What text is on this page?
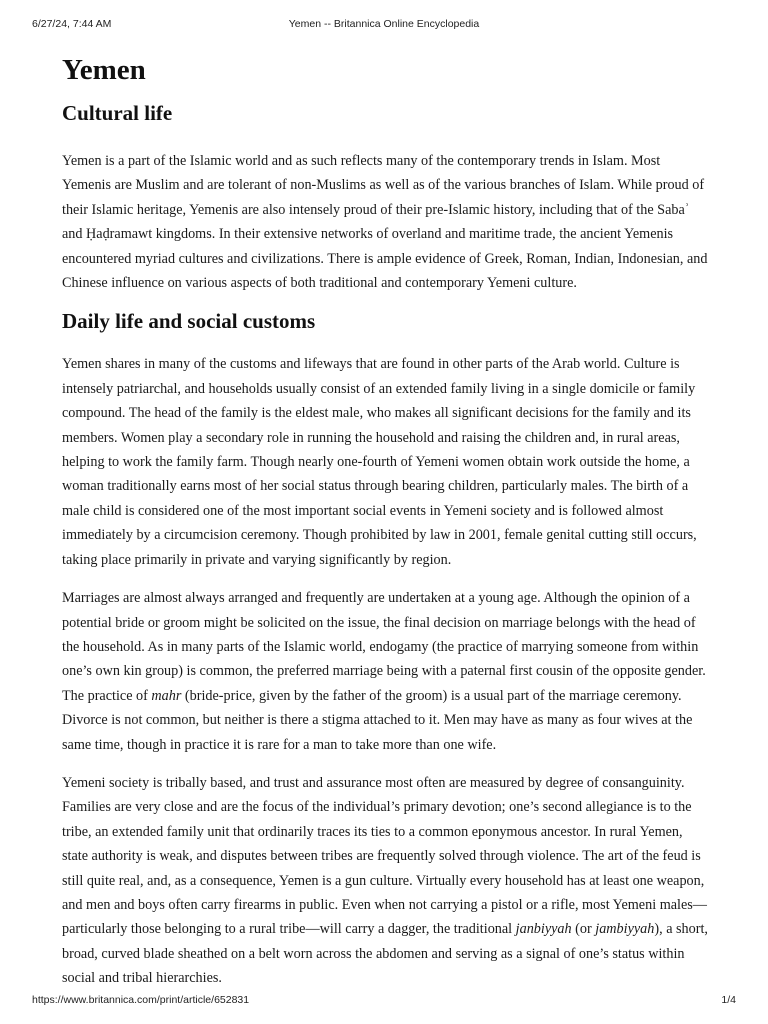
6/27/24, 7:44 AM	Yemen -- Britannica Online Encyclopedia
Yemen
Cultural life

Yemen is a part of the Islamic world and as such reflects many of the contemporary trends in Islam. Most Yemenis are Muslim and are tolerant of non-Muslims as well as of the various branches of Islam. While proud of their Islamic heritage, Yemenis are also intensely proud of their pre-Islamic history, including that of the Sabaʾ and Ḥaḍramawt kingdoms. In their extensive networks of overland and maritime trade, the ancient Yemenis encountered myriad cultures and civilizations. There is ample evidence of Greek, Roman, Indian, Indonesian, and Chinese influence on various aspects of both traditional and contemporary Yemeni culture.

Daily life and social customs

Yemen shares in many of the customs and lifeways that are found in other parts of the Arab world. Culture is intensely patriarchal, and households usually consist of an extended family living in a single domicile or family compound. The head of the family is the eldest male, who makes all significant decisions for the family and its members. Women play a secondary role in running the household and raising the children and, in rural areas, helping to work the family farm. Though nearly one-fourth of Yemeni women obtain work outside the home, a woman traditionally earns most of her social status through bearing children, particularly males. The birth of a male child is considered one of the most important social events in Yemeni society and is followed almost immediately by a circumcision ceremony. Though prohibited by law in 2001, female genital cutting still occurs, taking place primarily in private and varying significantly by region.

Marriages are almost always arranged and frequently are undertaken at a young age. Although the opinion of a potential bride or groom might be solicited on the issue, the final decision on marriage belongs with the head of the household. As in many parts of the Islamic world, endogamy (the practice of marrying someone from within one’s own kin group) is common, the preferred marriage being with a paternal first cousin of the opposite gender. The practice of mahr (bride-price, given by the father of the groom) is a usual part of the marriage ceremony. Divorce is not common, but neither is there a stigma attached to it. Men may have as many as four wives at the same time, though in practice it is rare for a man to take more than one wife.

Yemeni society is tribally based, and trust and assurance most often are measured by degree of consanguinity. Families are very close and are the focus of the individual’s primary devotion; one’s second allegiance is to the tribe, an extended family unit that ordinarily traces its ties to a common eponymous ancestor. In rural Yemen, state authority is weak, and disputes between tribes are frequently solved through violence. The art of the feud is still quite real, and, as a consequence, Yemen is a gun culture. Virtually every household has at least one weapon, and men and boys often carry firearms in public. Even when not carrying a pistol or a rifle, most Yemeni males—particularly those belonging to a rural tribe—will carry a dagger, the traditional janbiyyah (or jambiyyah), a short, broad, curved blade sheathed on a belt worn across the abdomen and serving as a signal of one’s status within social and tribal hierarchies.

https://www.britannica.com/print/article/652831	1/4
